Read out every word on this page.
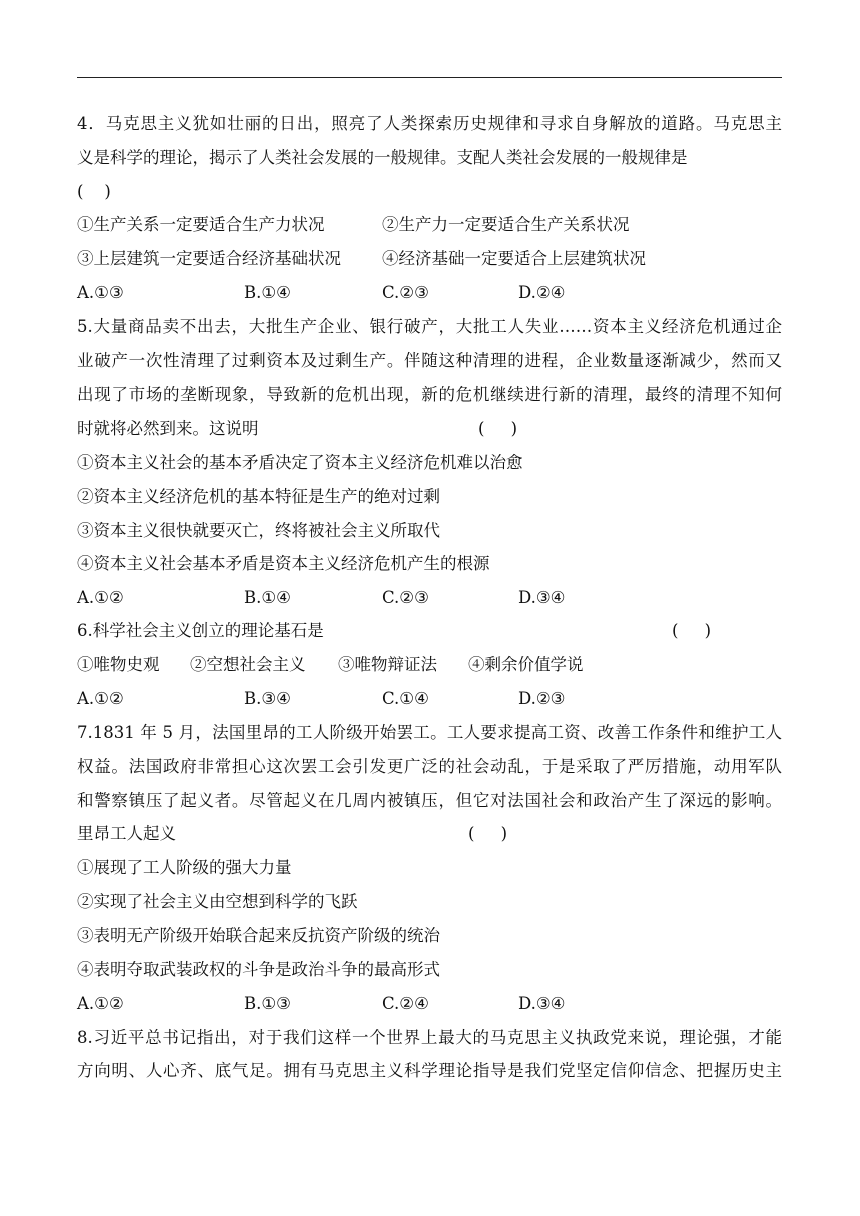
4．马克思主义犹如壮丽的日出，照亮了人类探索历史规律和寻求自身解放的道路。马克思主
义是科学的理论，揭示了人类社会发展的一般规律。支配人类社会发展的一般规律是
(    )
①生产关系一定要适合生产力状况	②生产力一定要适合生产关系状况
③上层建筑一定要适合经济基础状况 ④经济基础一定要适合上层建筑状况
A.①③	B.①④	C.②③	D.②④
5.大量商品卖不出去，大批生产企业、银行破产，大批工人失业……资本主义经济危机通过企
业破产一次性清理了过剩资本及过剩生产。伴随这种清理的进程，企业数量逐渐减少，然而又
出现了市场的垄断现象，导致新的危机出现，新的危机继续进行新的清理，最终的清理不知何
时就将必然到来。这说明	(     )
①资本主义社会的基本矛盾决定了资本主义经济危机难以治愈
②资本主义经济危机的基本特征是生产的绝对过剩
③资本主义很快就要灭亡，终将被社会主义所取代
④资本主义社会基本矛盾是资本主义经济危机产生的根源
A.①②	B.①④	C.②③	D.③④
6.科学社会主义创立的理论基石是	(     )
①唯物史观 ②空想社会主义 ③唯物辩证法 ④剩余价值学说
A.①②	B.③④	C.①④	D.②③
7.1831 年 5 月，法国里昂的工人阶级开始罢工。工人要求提高工资、改善工作条件和维护工人
权益。法国政府非常担心这次罢工会引发更广泛的社会动乱，于是采取了严厉措施，动用军队
和警察镇压了起义者。尽管起义在几周内被镇压，但它对法国社会和政治产生了深远的影响。
里昂工人起义	(     )
①展现了工人阶级的强大力量
②实现了社会主义由空想到科学的飞跃
③表明无产阶级开始联合起来反抗资产阶级的统治
④表明夺取武装政权的斗争是政治斗争的最高形式
A.①②	B.①③	C.②④	D.③④
8.习近平总书记指出，对于我们这样一个世界上最大的马克思主义执政党来说，理论强，才能
方向明、人心齐、底气足。拥有马克思主义科学理论指导是我们党坚定信仰信念、把握历史主
